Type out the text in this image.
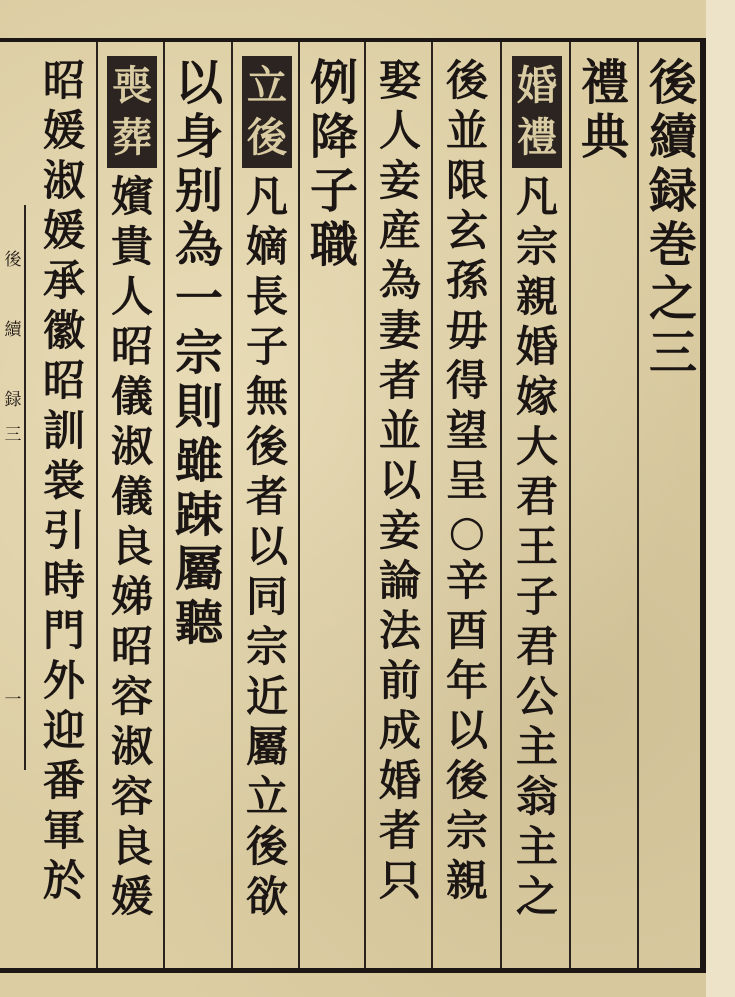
後
續
録
巻
之
三
禮
典
婚
禮
凡
宗
親
婚
嫁
大
君
王
子
君
公
主
翁
主
之
後
並
限
玄
孫
毋
得
望
呈
○
辛
酉
年
以
後
宗
親
娶
人
妾
産
為
妻
者
並
以
妾
論
法
前
成
婚
者
只
例
降
子
職
立
後
凡
嫡
長
子
無
後
者
以
同
宗
近
屬
立
後
欲
以
身
别
為
一
宗
則
雖
踈
屬
聽
喪
葬
嬪
貴
人
昭
儀
淑
儀
良
娣
昭
容
淑
容
良
媛
昭
媛
淑
媛
承
徽
昭
訓
裳
引
時
門
外
迎
番
軍
於
後
續
録
三
一
